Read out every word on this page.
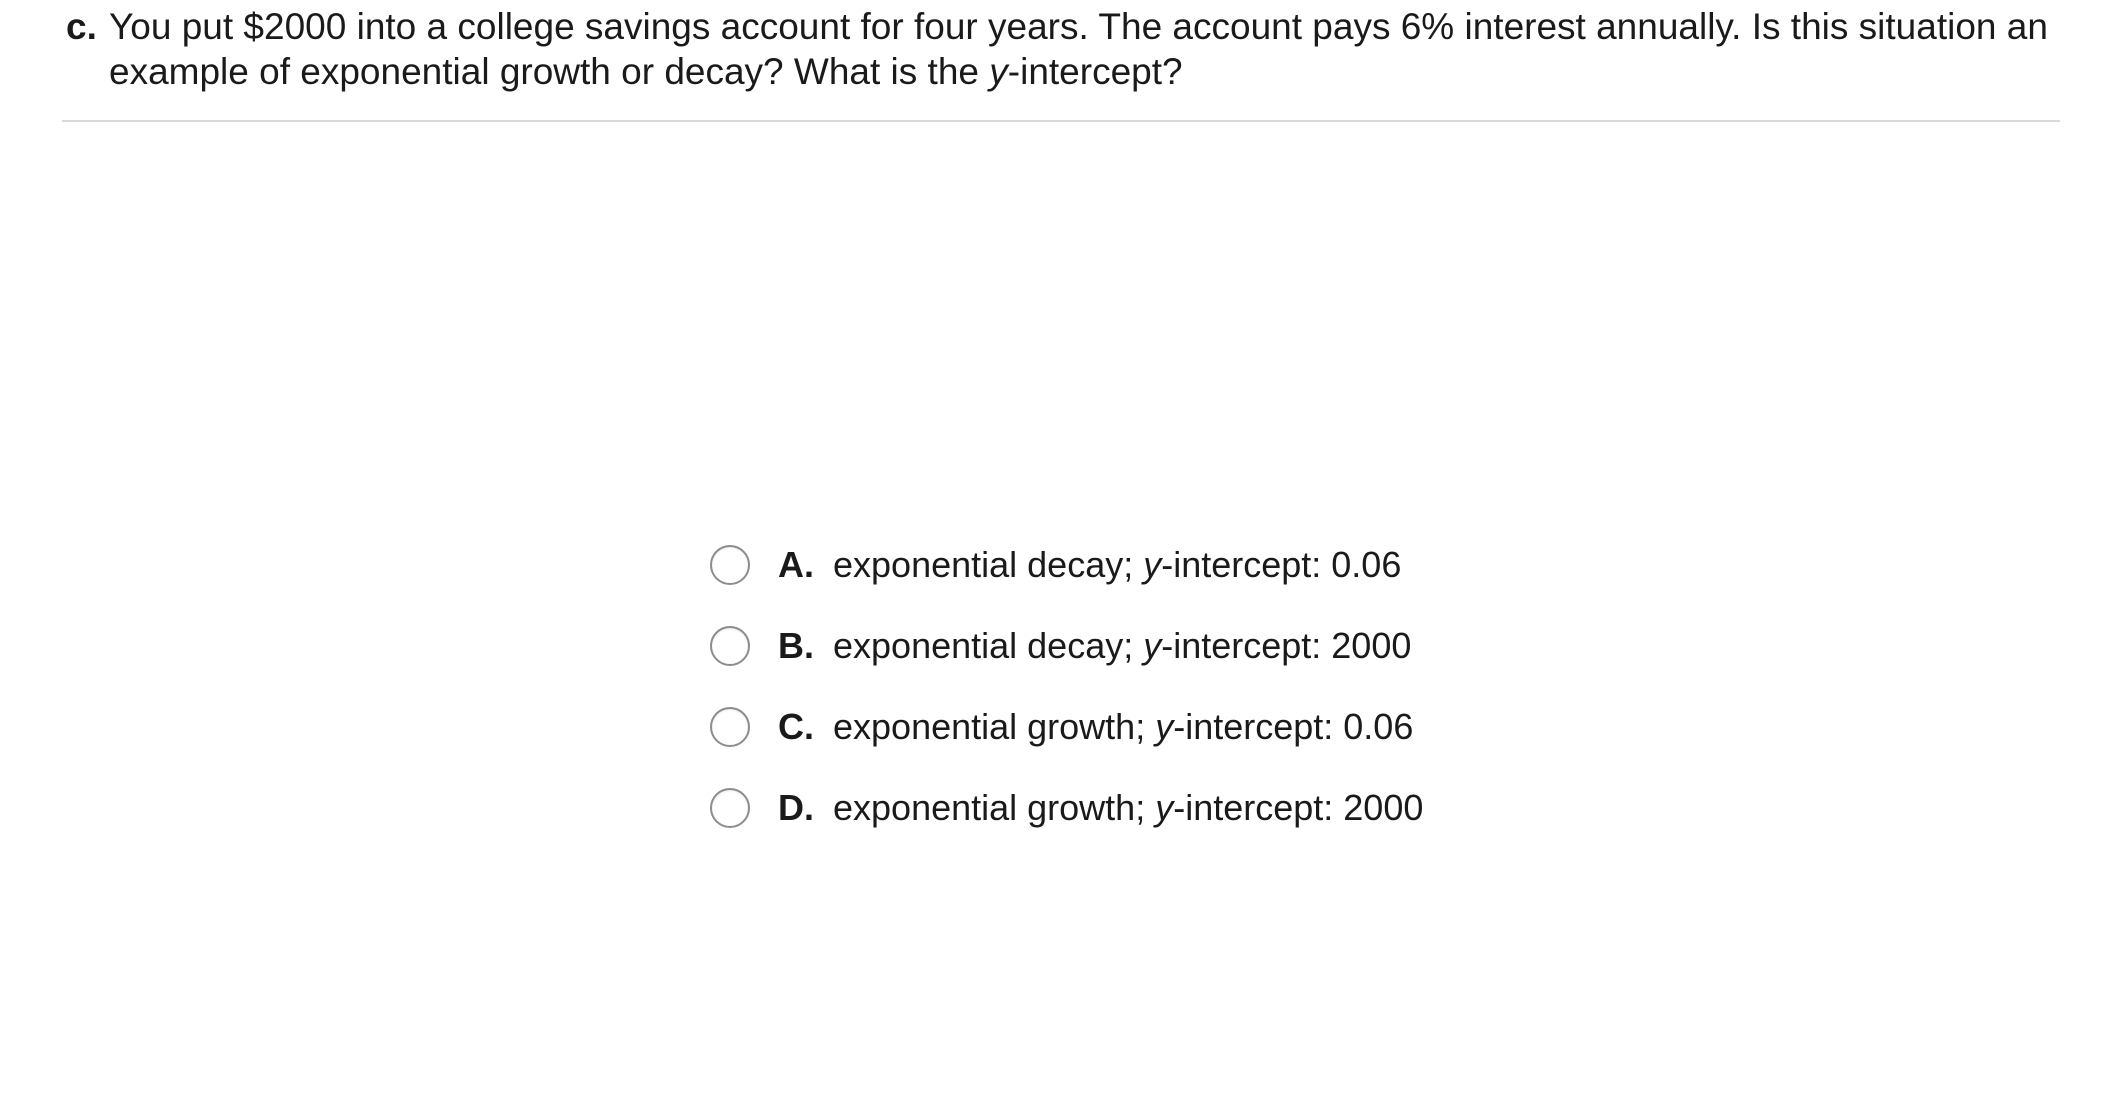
c. You put $2000 into a college savings account for four years. The account pays 6% interest annually. Is this situation an
example of exponential growth or decay? What is the y-intercept?
A. exponential decay; y-intercept: 0.06
B. exponential decay; y-intercept: 2000
C. exponential growth; y-intercept: 0.06
D. exponential growth; y-intercept: 2000
